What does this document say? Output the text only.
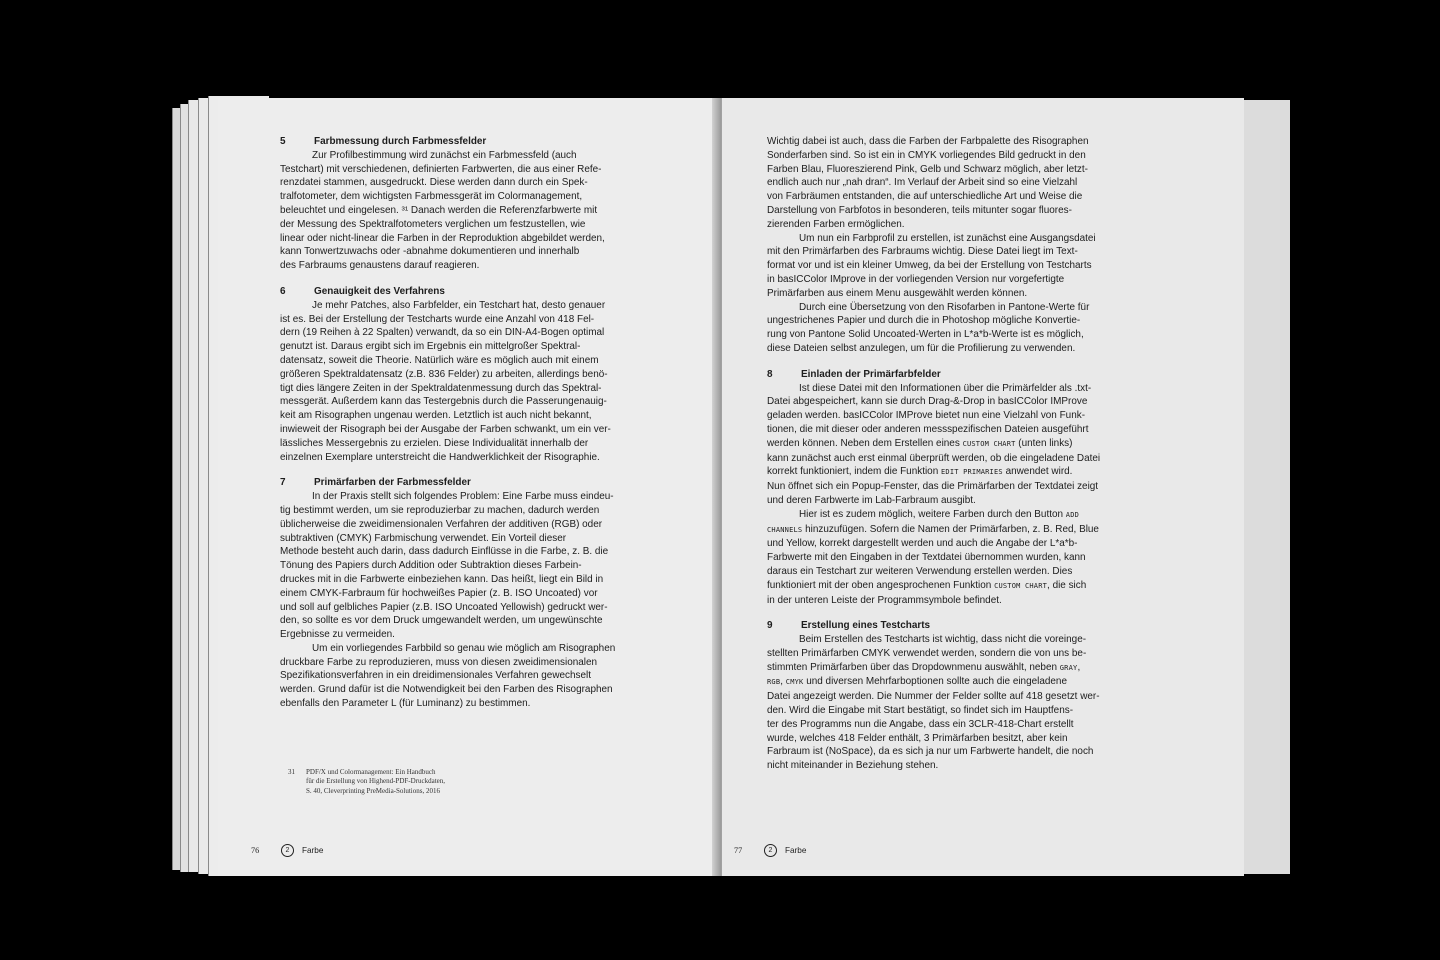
5	Farbmessung durch Farbmessfelder
Zur Profilbestimmung wird zunächst ein Farbmessfeld (auch
Testchart) mit verschiedenen, definierten Farbwerten, die aus einer Refe-
renzdatei stammen, ausgedruckt. Diese werden dann durch ein Spek-
tralfotometer, dem wichtigsten Farbmessgerät im Colormanagement,
beleuchtet und eingelesen. ³¹ Danach werden die Referenzfarbwerte mit
der Messung des Spektralfotometers verglichen um festzustellen, wie
linear oder nicht-linear die Farben in der Reproduktion abgebildet werden,
kann Tonwertzuwachs oder -abnahme dokumentieren und innerhalb
des Farbraums genaustens darauf reagieren.
6	Genauigkeit des Verfahrens
Je mehr Patches, also Farbfelder, ein Testchart hat, desto genauer
ist es. Bei der Erstellung der Testcharts wurde eine Anzahl von 418 Fel-
dern (19 Reihen à 22 Spalten) verwandt, da so ein DIN-A4-Bogen optimal
genutzt ist. Daraus ergibt sich im Ergebnis ein mittelgroßer Spektral-
datensatz, soweit die Theorie. Natürlich wäre es möglich auch mit einem
größeren Spektraldatensatz (z.B. 836 Felder) zu arbeiten, allerdings benö-
tigt dies längere Zeiten in der Spektraldatenmessung durch das Spektral-
messgerät. Außerdem kann das Testergebnis durch die Passerungenauig-
keit am Risographen ungenau werden. Letztlich ist auch nicht bekannt,
inwieweit der Risograph bei der Ausgabe der Farben schwankt, um ein ver-
lässliches Messergebnis zu erzielen. Diese Individualität innerhalb der
einzelnen Exemplare unterstreicht die Handwerklichkeit der Risographie.
7	Primärfarben der Farbmessfelder
In der Praxis stellt sich folgendes Problem: Eine Farbe muss eindeu-
tig bestimmt werden, um sie reproduzierbar zu machen, dadurch werden
üblicherweise die zweidimensionalen Verfahren der additiven (RGB) oder
subtraktiven (CMYK) Farbmischung verwendet. Ein Vorteil dieser
Methode besteht auch darin, dass dadurch Einflüsse in die Farbe, z. B. die
Tönung des Papiers durch Addition oder Subtraktion dieses Farbein-
druckes mit in die Farbwerte einbeziehen kann. Das heißt, liegt ein Bild in
einem CMYK-Farbraum für hochweißes Papier (z. B. ISO Uncoated) vor
und soll auf gelbliches Papier (z.B. ISO Uncoated Yellowish) gedruckt wer-
den, so sollte es vor dem Druck umgewandelt werden, um ungewünschte
Ergebnisse zu vermeiden.
Um ein vorliegendes Farbbild so genau wie möglich am Risographen
druckbare Farbe zu reproduzieren, muss von diesen zweidimensionalen
Spezifikationsverfahren in ein dreidimensionales Verfahren gewechselt
werden. Grund dafür ist die Notwendigkeit bei den Farben des Risographen
ebenfalls den Parameter L (für Luminanz) zu bestimmen.
31 PDF/X und Colormanagement: Ein Handbuch
für die Erstellung von Highend-PDF-Druckdaten,
S. 40, Cleverprinting PreMedia-Solutions, 2016
76	2	Farbe
Wichtig dabei ist auch, dass die Farben der Farbpalette des Risographen
Sonderfarben sind. So ist ein in CMYK vorliegendes Bild gedruckt in den
Farben Blau, Fluoreszierend Pink, Gelb und Schwarz möglich, aber letzt-
endlich auch nur „nah dran“. Im Verlauf der Arbeit sind so eine Vielzahl
von Farbräumen entstanden, die auf unterschiedliche Art und Weise die
Darstellung von Farbfotos in besonderen, teils mitunter sogar fluores-
zierenden Farben ermöglichen.
Um nun ein Farbprofil zu erstellen, ist zunächst eine Ausgangsdatei
mit den Primärfarben des Farbraums wichtig. Diese Datei liegt im Text-
format vor und ist ein kleiner Umweg, da bei der Erstellung von Testcharts
in basICColor IMprove in der vorliegenden Version nur vorgefertigte
Primärfarben aus einem Menu ausgewählt werden können.
Durch eine Übersetzung von den Risofarben in Pantone-Werte für
ungestrichenes Papier und durch die in Photoshop mögliche Konvertie-
rung von Pantone Solid Uncoated-Werten in L*a*b-Werte ist es möglich,
diese Dateien selbst anzulegen, um für die Profilierung zu verwenden.
8	Einladen der Primärfarbfelder
Ist diese Datei mit den Informationen über die Primärfelder als .txt-
Datei abgespeichert, kann sie durch Drag-&-Drop in basICColor IMProve
geladen werden. basICColor IMProve bietet nun eine Vielzahl von Funk-
tionen, die mit dieser oder anderen messspezifischen Dateien ausgeführt
werden können. Neben dem Erstellen eines CUSTOM CHART (unten links)
kann zunächst auch erst einmal überprüft werden, ob die eingeladene Datei
korrekt funktioniert, indem die Funktion EDIT PRIMARIES anwendet wird.
Nun öffnet sich ein Popup-Fenster, das die Primärfarben der Textdatei zeigt
und deren Farbwerte im Lab-Farbraum ausgibt.
Hier ist es zudem möglich, weitere Farben durch den Button ADD
CHANNELS hinzuzufügen. Sofern die Namen der Primärfarben, z. B. Red, Blue
und Yellow, korrekt dargestellt werden und auch die Angabe der L*a*b-
Farbwerte mit den Eingaben in der Textdatei übernommen wurden, kann
daraus ein Testchart zur weiteren Verwendung erstellen werden. Dies
funktioniert mit der oben angesprochenen Funktion CUSTOM CHART, die sich
in der unteren Leiste der Programmsymbole befindet.
9	Erstellung eines Testcharts
Beim Erstellen des Testcharts ist wichtig, dass nicht die voreinge-
stellten Primärfarben CMYK verwendet werden, sondern die von uns be-
stimmten Primärfarben über das Dropdownmenu auswählt, neben GRAY,
RGB, CMYK und diversen Mehrfarboptionen sollte auch die eingeladene
Datei angezeigt werden. Die Nummer der Felder sollte auf 418 gesetzt wer-
den. Wird die Eingabe mit Start bestätigt, so findet sich im Hauptfens-
ter des Programms nun die Angabe, dass ein 3CLR-418-Chart erstellt
wurde, welches 418 Felder enthält, 3 Primärfarben besitzt, aber kein
Farbraum ist (NoSpace), da es sich ja nur um Farbwerte handelt, die noch
nicht miteinander in Beziehung stehen.
77	2	Farbe
